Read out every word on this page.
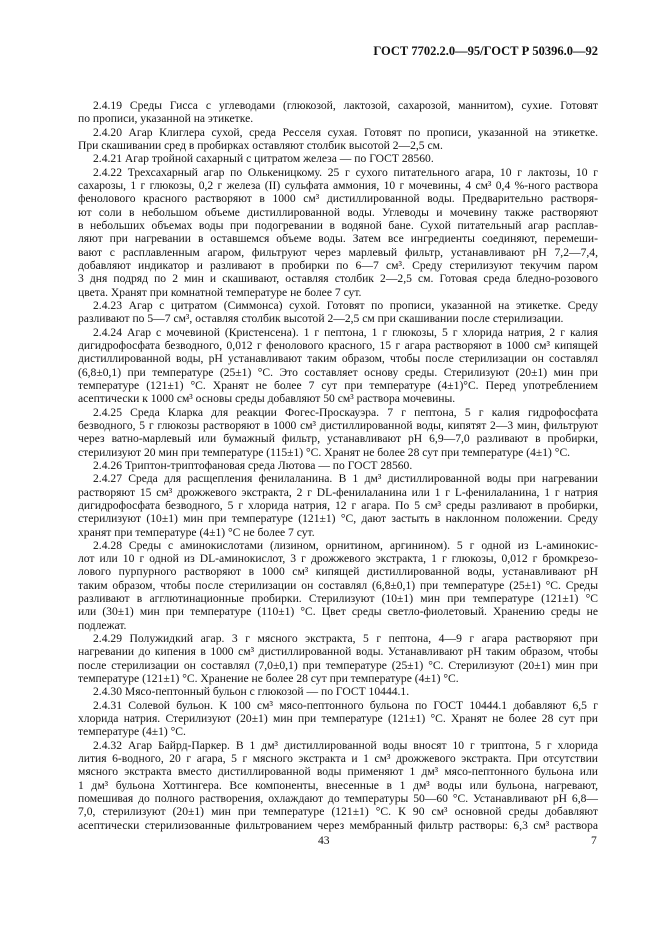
ГОСТ 7702.2.0—95/ГОСТ Р 50396.0—92
2.4.19 Среды Гисса с углеводами (глюкозой, лактозой, сахарозой, маннитом), сухие. Готовят
по прописи, указанной на этикетке.
2.4.20 Агар Клиглера сухой, среда Ресселя сухая. Готовят по прописи, указанной на этикетке.
При скашивании сред в пробирках оставляют столбик высотой 2—2,5 см.
2.4.21 Агар тройной сахарный с цитратом железа — по ГОСТ 28560.
2.4.22 Трехсахарный агар по Олькеницкому. 25 г сухого питательного агара, 10 г лактозы, 10 г
сахарозы, 1 г глюкозы, 0,2 г железа (II) сульфата аммония, 10 г мочевины, 4 см³ 0,4 %-ного раствора
фенолового красного растворяют в 1000 см³ дистиллированной воды. Предварительно растворя-
ют соли в небольшом объеме дистиллированной воды. Углеводы и мочевину также растворяют
в небольших объемах воды при подогревании в водяной бане. Сухой питательный агар расплав-
ляют при нагревании в оставшемся объеме воды. Затем все ингредиенты соединяют, перемеши-
вают с расплавленным агаром, фильтруют через марлевый фильтр, устанавливают pH 7,2—7,4,
добавляют индикатор и разливают в пробирки по 6—7 см³. Среду стерилизуют текучим паром
3 дня подряд по 2 мин и скашивают, оставляя столбик 2—2,5 см. Готовая среда бледно-розового
цвета. Хранят при комнатной температуре не более 7 сут.
2.4.23 Агар с цитратом (Симмонса) сухой. Готовят по прописи, указанной на этикетке. Среду
разливают по 5—7 см³, оставляя столбик высотой 2—2,5 см при скашивании после стерилизации.
2.4.24 Агар с мочевиной (Кристенсена). 1 г пептона, 1 г глюкозы, 5 г хлорида натрия, 2 г калия
дигидрофосфата безводного, 0,012 г фенолового красного, 15 г агара растворяют в 1000 см³ кипящей
дистиллированной воды, pH устанавливают таким образом, чтобы после стерилизации он составлял
(6,8±0,1) при температуре (25±1) °С. Это составляет основу среды. Стерилизуют (20±1) мин при
температуре (121±1) °С. Хранят не более 7 сут при температуре (4±1)°С. Перед употреблением
асептически к 1000 см³ основы среды добавляют 50 см³ раствора мочевины.
2.4.25 Среда Кларка для реакции Фогес-Проскауэра. 7 г пептона, 5 г калия гидрофосфата
безводного, 5 г глюкозы растворяют в 1000 см³ дистиллированной воды, кипятят 2—3 мин, фильтруют
через ватно-марлевый или бумажный фильтр, устанавливают pH 6,9—7,0 разливают в пробирки,
стерилизуют 20 мин при температуре (115±1) °С. Хранят не более 28 сут при температуре (4±1) °С.
2.4.26 Триптон-триптофановая среда Лютова — по ГОСТ 28560.
2.4.27 Среда для расщепления фенилаланина. В 1 дм³ дистиллированной воды при нагревании
растворяют 15 см³ дрожжевого экстракта, 2 г DL-фенилаланина или 1 г L-фенилаланина, 1 г натрия
дигидрофосфата безводного, 5 г хлорида натрия, 12 г агара. По 5 см³ среды разливают в пробирки,
стерилизуют (10±1) мин при температуре (121±1) °С, дают застыть в наклонном положении. Среду
хранят при температуре (4±1) °С не более 7 сут.
2.4.28 Среды с аминокислотами (лизином, орнитином, аргинином). 5 г одной из L-аминокис-
лот или 10 г одной из DL-аминокислот, 3 г дрожжевого экстракта, 1 г глюкозы, 0,012 г бромкрезо-
лового пурпурного растворяют в 1000 см³ кипящей дистиллированной воды, устанавливают pH
таким образом, чтобы после стерилизации он составлял (6,8±0,1) при температуре (25±1) °С. Среды
разливают в агглютинационные пробирки. Стерилизуют (10±1) мин при температуре (121±1) °С
или (30±1) мин при температуре (110±1) °С. Цвет среды светло-фиолетовый. Хранению среды не
подлежат.
2.4.29 Полужидкий агар. 3 г мясного экстракта, 5 г пептона, 4—9 г агара растворяют при
нагревании до кипения в 1000 см³ дистиллированной воды. Устанавливают pH таким образом, чтобы
после стерилизации он составлял (7,0±0,1) при температуре (25±1) °С. Стерилизуют (20±1) мин при
температуре (121±1) °С. Хранение не более 28 сут при температуре (4±1) °С.
2.4.30 Мясо-пептонный бульон с глюкозой — по ГОСТ 10444.1.
2.4.31 Солевой бульон. К 100 см³ мясо-пептонного бульона по ГОСТ 10444.1 добавляют 6,5 г
хлорида натрия. Стерилизуют (20±1) мин при температуре (121±1) °С. Хранят не более 28 сут при
температуре (4±1) °С.
2.4.32 Агар Байрд-Паркер. В 1 дм³ дистиллированной воды вносят 10 г триптона, 5 г хлорида
лития 6-водного, 20 г агара, 5 г мясного экстракта и 1 см³ дрожжевого экстракта. При отсутствии
мясного экстракта вместо дистиллированной воды применяют 1 дм³ мясо-пептонного бульона или
1 дм³ бульона Хоттингера. Все компоненты, внесенные в 1 дм³ воды или бульона, нагревают,
помешивая до полного растворения, охлаждают до температуры 50—60 °С. Устанавливают pH 6,8—
7,0, стерилизуют (20±1) мин при температуре (121±1) °С. К 90 см³ основной среды добавляют
асептически стерилизованные фильтрованием через мембранный фильтр растворы: 6,3 см³ раствора
43	7
